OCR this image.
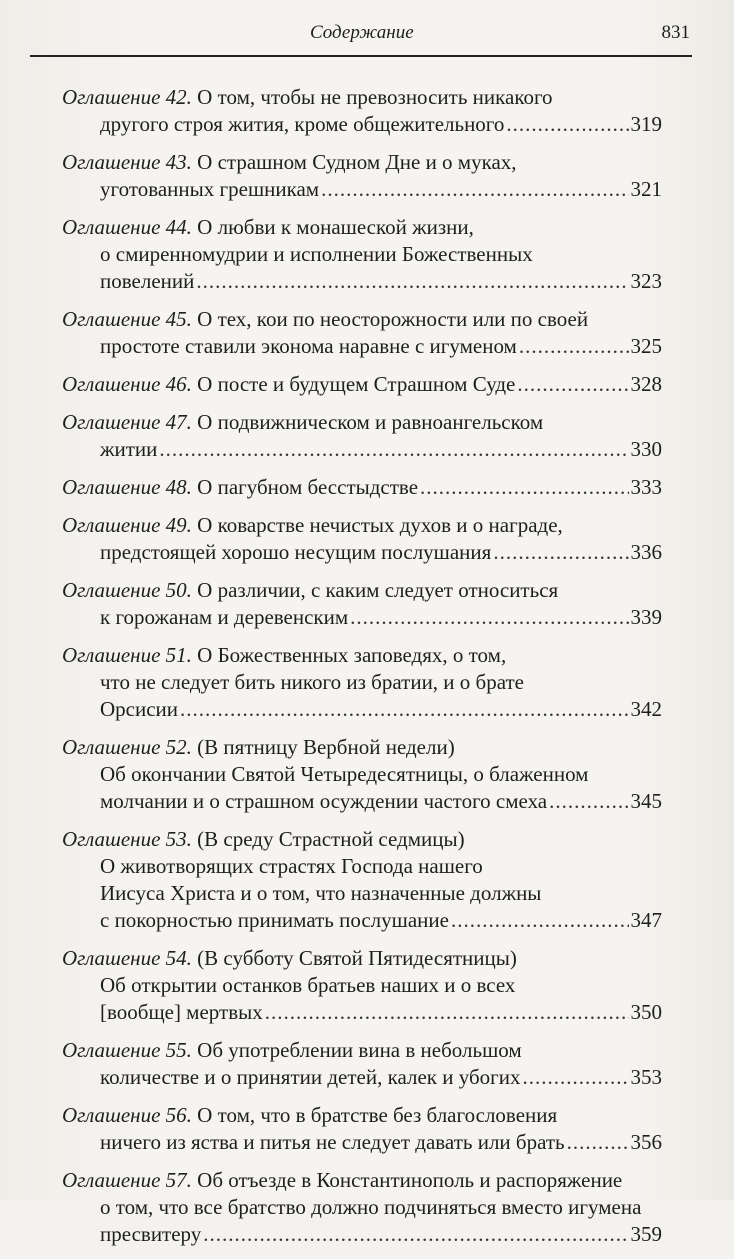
Содержание	831
Оглашение 42. О том, чтобы не превозносить никакого
другого строя жития, кроме общежительного .....	319
Оглашение 43. О страшном Судном Дне и о муках,
уготованных грешникам .....	321
Оглашение 44. О любви к монашеской жизни,
о смиренномудрии и исполнении Божественных
повелений .....	323
Оглашение 45. О тех, кои по неосторожности или по своей
простоте ставили эконома наравне с игуменом .....	325
Оглашение 46. О посте и будущем Страшном Суде .....	328
Оглашение 47. О подвижническом и равноангельском
житии .....	330
Оглашение 48. О пагубном бесстыдстве .....	333
Оглашение 49. О коварстве нечистых духов и о награде,
предстоящей хорошо несущим послушания .....	336
Оглашение 50. О различии, с каким следует относиться
к горожанам и деревенским .....	339
Оглашение 51. О Божественных заповедях, о том,
что не следует бить никого из братии, и о брате
Орсисии .....	342
Оглашение 52. (В пятницу Вербной недели)
Об окончании Святой Четыредесятницы, о блаженном
молчании и о страшном осуждении частого смеха .....	345
Оглашение 53. (В среду Страстной седмицы)
О животворящих страстях Господа нашего
Иисуса Христа и о том, что назначенные должны
с покорностью принимать послушание .....	347
Оглашение 54. (В субботу Святой Пятидесятницы)
Об открытии останков братьев наших и о всех
[вообще] мертвых .....	350
Оглашение 55. Об употреблении вина в небольшом
количестве и о принятии детей, калек и убогих .....	353
Оглашение 56. О том, что в братстве без благословения
ничего из яства и питья не следует давать или брать .....	356
Оглашение 57. Об отъезде в Константинополь и распоряжение
о том, что все братство должно подчиняться вместо игумена
пресвитеру .....	359
